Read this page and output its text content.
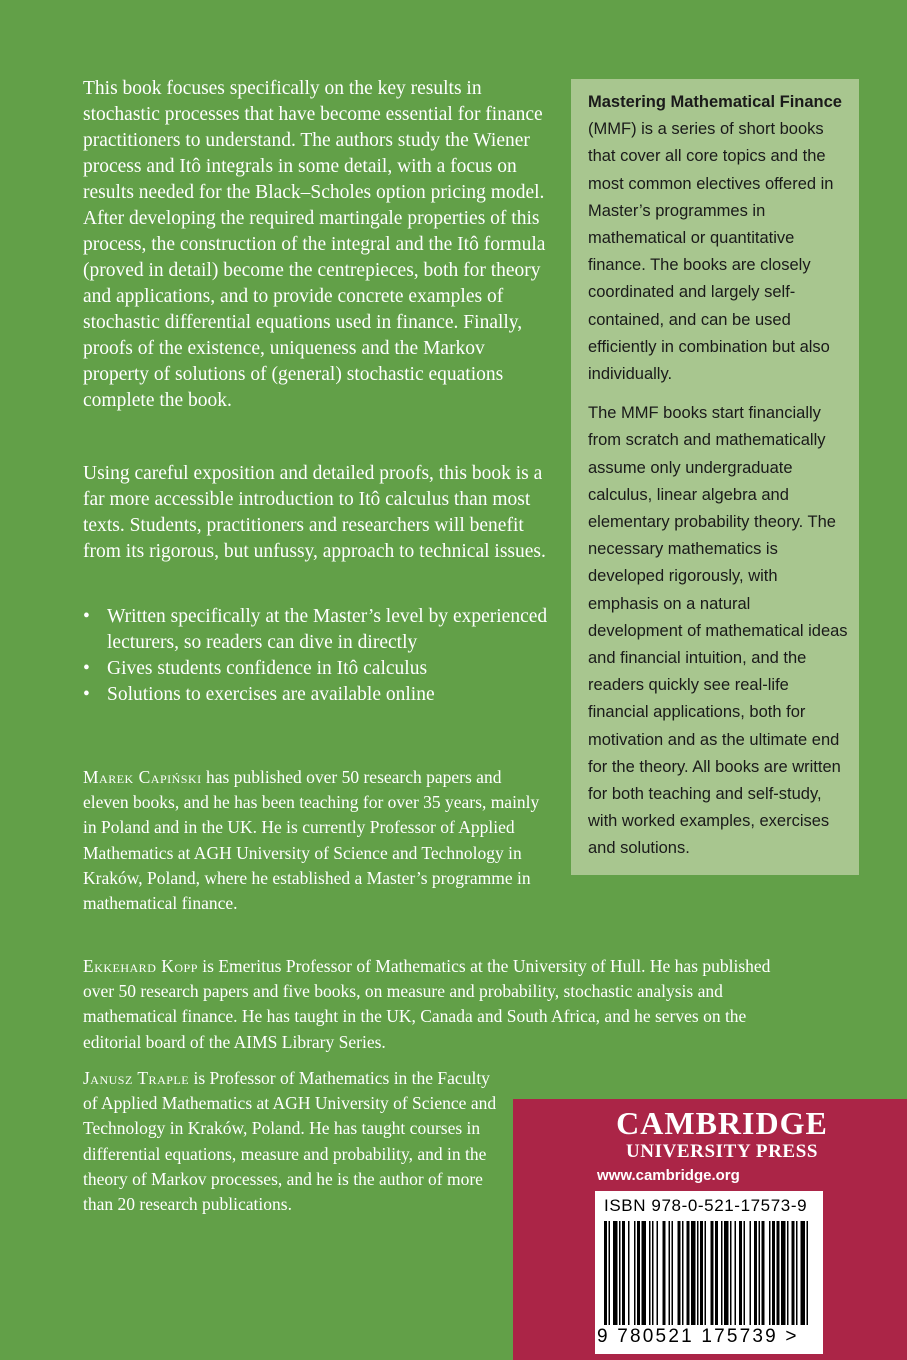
This book focuses specifically on the key results in stochastic processes that have become essential for finance practitioners to understand. The authors study the Wiener process and Itô integrals in some detail, with a focus on results needed for the Black–Scholes option pricing model. After developing the required martingale properties of this process, the construction of the integral and the Itô formula (proved in detail) become the centrepieces, both for theory and applications, and to provide concrete examples of stochastic differential equations used in finance. Finally, proofs of the existence, uniqueness and the Markov property of solutions of (general) stochastic equations complete the book.

Using careful exposition and detailed proofs, this book is a far more accessible introduction to Itô calculus than most texts. Students, practitioners and researchers will benefit from its rigorous, but unfussy, approach to technical issues.

• Written specifically at the Master’s level by experienced lecturers, so readers can dive in directly
• Gives students confidence in Itô calculus
• Solutions to exercises are available online

Marek Capiński has published over 50 research papers and eleven books, and he has been teaching for over 35 years, mainly in Poland and in the UK. He is currently Professor of Applied Mathematics at AGH University of Science and Technology in Kraków, Poland, where he established a Master’s programme in mathematical finance.

Ekkehard Kopp is Emeritus Professor of Mathematics at the University of Hull. He has published over 50 research papers and five books, on measure and probability, stochastic analysis and mathematical finance. He has taught in the UK, Canada and South Africa, and he serves on the editorial board of the AIMS Library Series.

Janusz Traple is Professor of Mathematics in the Faculty of Applied Mathematics at AGH University of Science and Technology in Kraków, Poland. He has taught courses in differential equations, measure and probability, and in the theory of Markov processes, and he is the author of more than 20 research publications.

Mastering Mathematical Finance (MMF) is a series of short books that cover all core topics and the most common electives offered in Master’s programmes in mathematical or quantitative finance. The books are closely coordinated and largely self-contained, and can be used efficiently in combination but also individually.

The MMF books start financially from scratch and mathematically assume only undergraduate calculus, linear algebra and elementary probability theory. The necessary mathematics is developed rigorously, with emphasis on a natural development of mathematical ideas and financial intuition, and the readers quickly see real-life financial applications, both for motivation and as the ultimate end for the theory. All books are written for both teaching and self-study, with worked examples, exercises and solutions.

CAMBRIDGE
UNIVERSITY PRESS
www.cambridge.org
ISBN 978-0-521-17573-9
9 780521 175739 >
